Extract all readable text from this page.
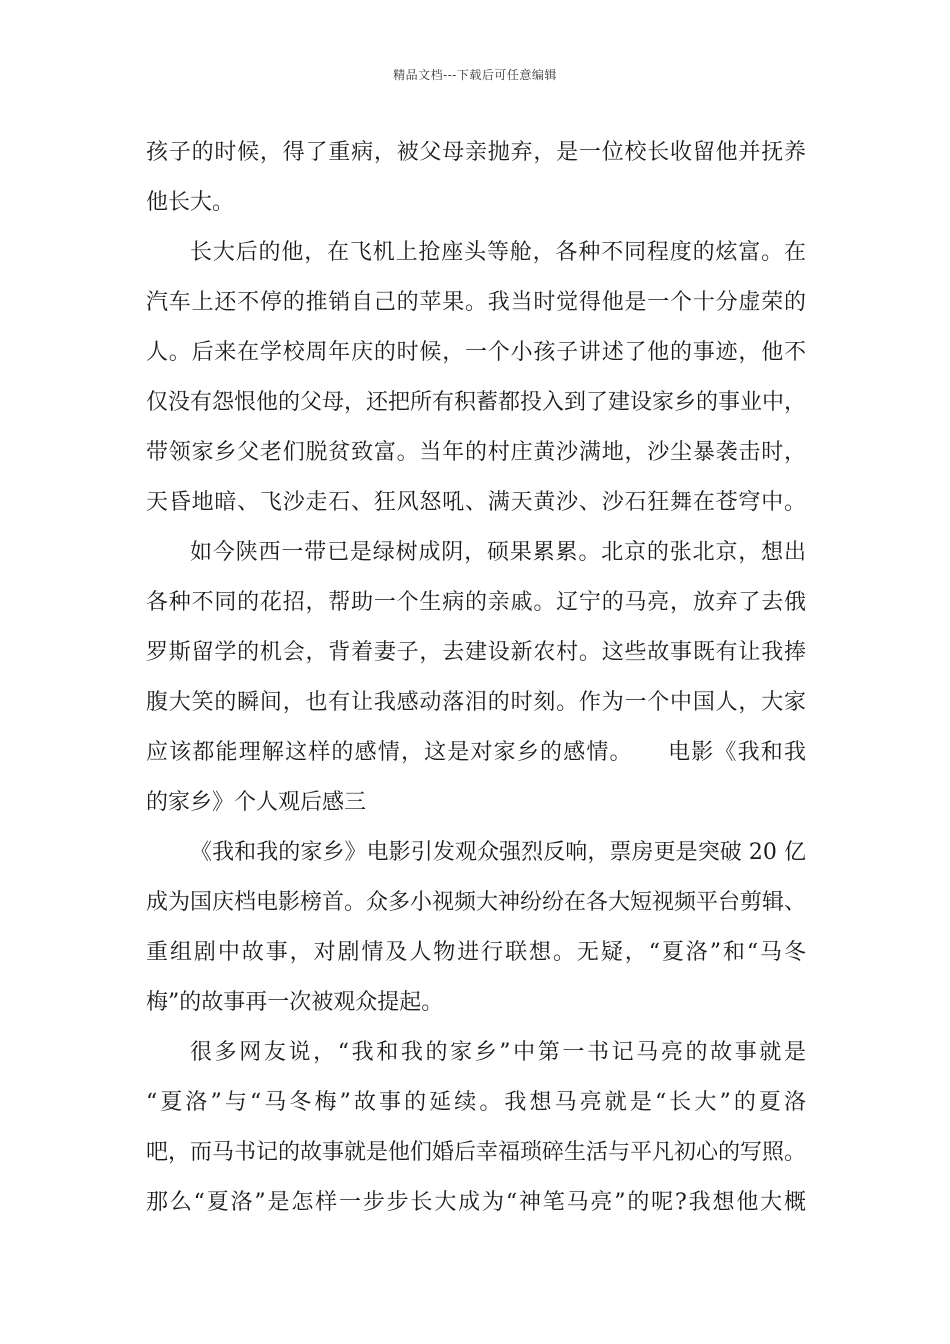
精品文档---下载后可任意编辑
孩子的时候，得了重病，被父母亲抛弃，是一位校长收留他并抚养
他长大。
长大后的他，在飞机上抢座头等舱，各种不同程度的炫富。在
汽车上还不停的推销自己的苹果。我当时觉得他是一个十分虚荣的
人。后来在学校周年庆的时候，一个小孩子讲述了他的事迹，他不
仅没有怨恨他的父母，还把所有积蓄都投入到了建设家乡的事业中，
带领家乡父老们脱贫致富。当年的村庄黄沙满地，沙尘暴袭击时，
天昏地暗、飞沙走石、狂风怒吼、满天黄沙、沙石狂舞在苍穹中。
如今陕西一带已是绿树成阴，硕果累累。北京的张北京，想出
各种不同的花招，帮助一个生病的亲戚。辽宁的马亮，放弃了去俄
罗斯留学的机会，背着妻子，去建设新农村。这些故事既有让我捧
腹大笑的瞬间，也有让我感动落泪的时刻。作为一个中国人，大家
应该都能理解这样的感情，这是对家乡的感情。　　电影《我和我
的家乡》个人观后感三
《我和我的家乡》电影引发观众强烈反响，票房更是突破 20 亿
成为国庆档电影榜首。众多小视频大神纷纷在各大短视频平台剪辑、
重组剧中故事，对剧情及人物进行联想。无疑，“夏洛”和“马冬
梅”的故事再一次被观众提起。
很多网友说，“我和我的家乡”中第一书记马亮的故事就是
“夏洛”与“马冬梅”故事的延续。我想马亮就是“长大”的夏洛
吧，而马书记的故事就是他们婚后幸福琐碎生活与平凡初心的写照。
那么“夏洛”是怎样一步步长大成为“神笔马亮”的呢?我想他大概
